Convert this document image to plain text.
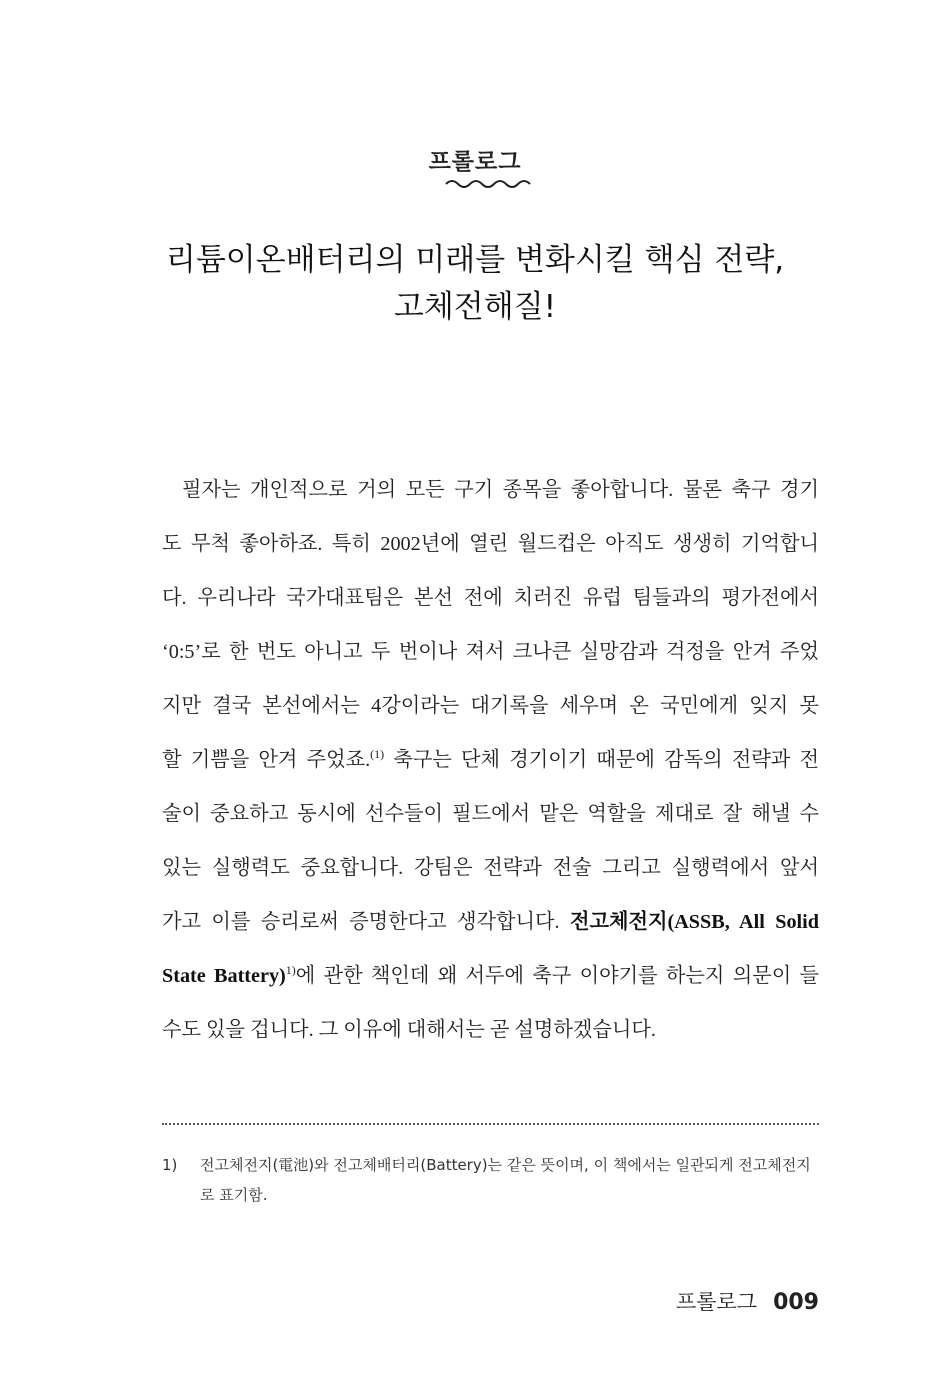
프롤로그
리튬이온배터리의 미래를 변화시킬 핵심 전략,
고체전해질!
필자는 개인적으로 거의 모든 구기 종목을 좋아합니다. 물론 축구 경기
도 무척 좋아하죠. 특히 2002년에 열린 월드컵은 아직도 생생히 기억합니
다. 우리나라 국가대표팀은 본선 전에 치러진 유럽 팀들과의 평가전에서
‘0:5’로 한 번도 아니고 두 번이나 져서 크나큰 실망감과 걱정을 안겨 주었
지만 결국 본선에서는 4강이라는 대기록을 세우며 온 국민에게 잊지 못
할 기쁨을 안겨 주었죠.$^{(1)}$ 축구는 단체 경기이기 때문에 감독의 전략과 전
술이 중요하고 동시에 선수들이 필드에서 맡은 역할을 제대로 잘 해낼 수
있는 실행력도 중요합니다. 강팀은 전략과 전술 그리고 실행력에서 앞서
가고 이를 승리로써 증명한다고 생각합니다. 전고체전지(ASSB, All Solid
State Battery)$^{1)}$에 관한 책인데 왜 서두에 축구 이야기를 하는지 의문이 들
수도 있을 겁니다. 그 이유에 대해서는 곧 설명하겠습니다.
1) 전고체전지(電池)와 전고체배터리(Battery)는 같은 뜻이며, 이 책에서는 일관되게 전고체전지로 표기함.
프롤로그 009
